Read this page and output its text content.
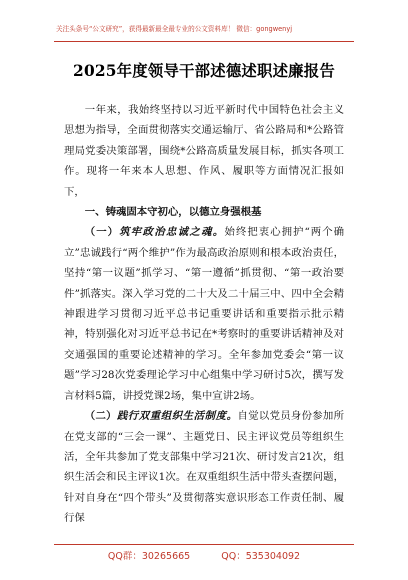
关注头条号“公文研究”，获得最新最全最专业的公文资料库！ 微信：gongwenyj
2025年度领导干部述德述职述廉报告

一年来，我始终坚持以习近平新时代中国特色社会主义思想为指导，全面贯彻落实交通运输厅、省公路局和*公路管理局党委决策部署，围绕*公路高质量发展目标，抓实各项工作。现将一年来本人思想、作风、履职等方面情况汇报如下，

一、铸魂固本守初心，以德立身强根基

（一）筑牢政治忠诚之魂。始终把衷心拥护“两个确立”忠诚践行“两个维护”作为最高政治原则和根本政治责任，坚持“第一议题”抓学习、“第一遵循”抓贯彻、“第一政治要件”抓落实。深入学习党的二十大及二十届三中、四中全会精神跟进学习贯彻习近平总书记重要讲话和重要指示批示精神，特别强化对习近平总书记在*考察时的重要讲话精神及对交通强国的重要论述精神的学习。全年参加党委会“第一议题”学习28次党委理论学习中心组集中学习研讨5次，撰写发言材料5篇，讲授党课2场，集中宣讲2场。

（二）践行双重组织生活制度。自觉以党员身份参加所在党支部的“三会一课”、主题党日、民主评议党员等组织生活，全年共参加了党支部集中学习21次、研讨发言21次，组织生活会和民主评议1次。在双重组织生活中带头查摆问题，针对自身在“四个带头”及贯彻落实意识形态工作责任制、履行保

QQ群：30265665	QQ：535304092
